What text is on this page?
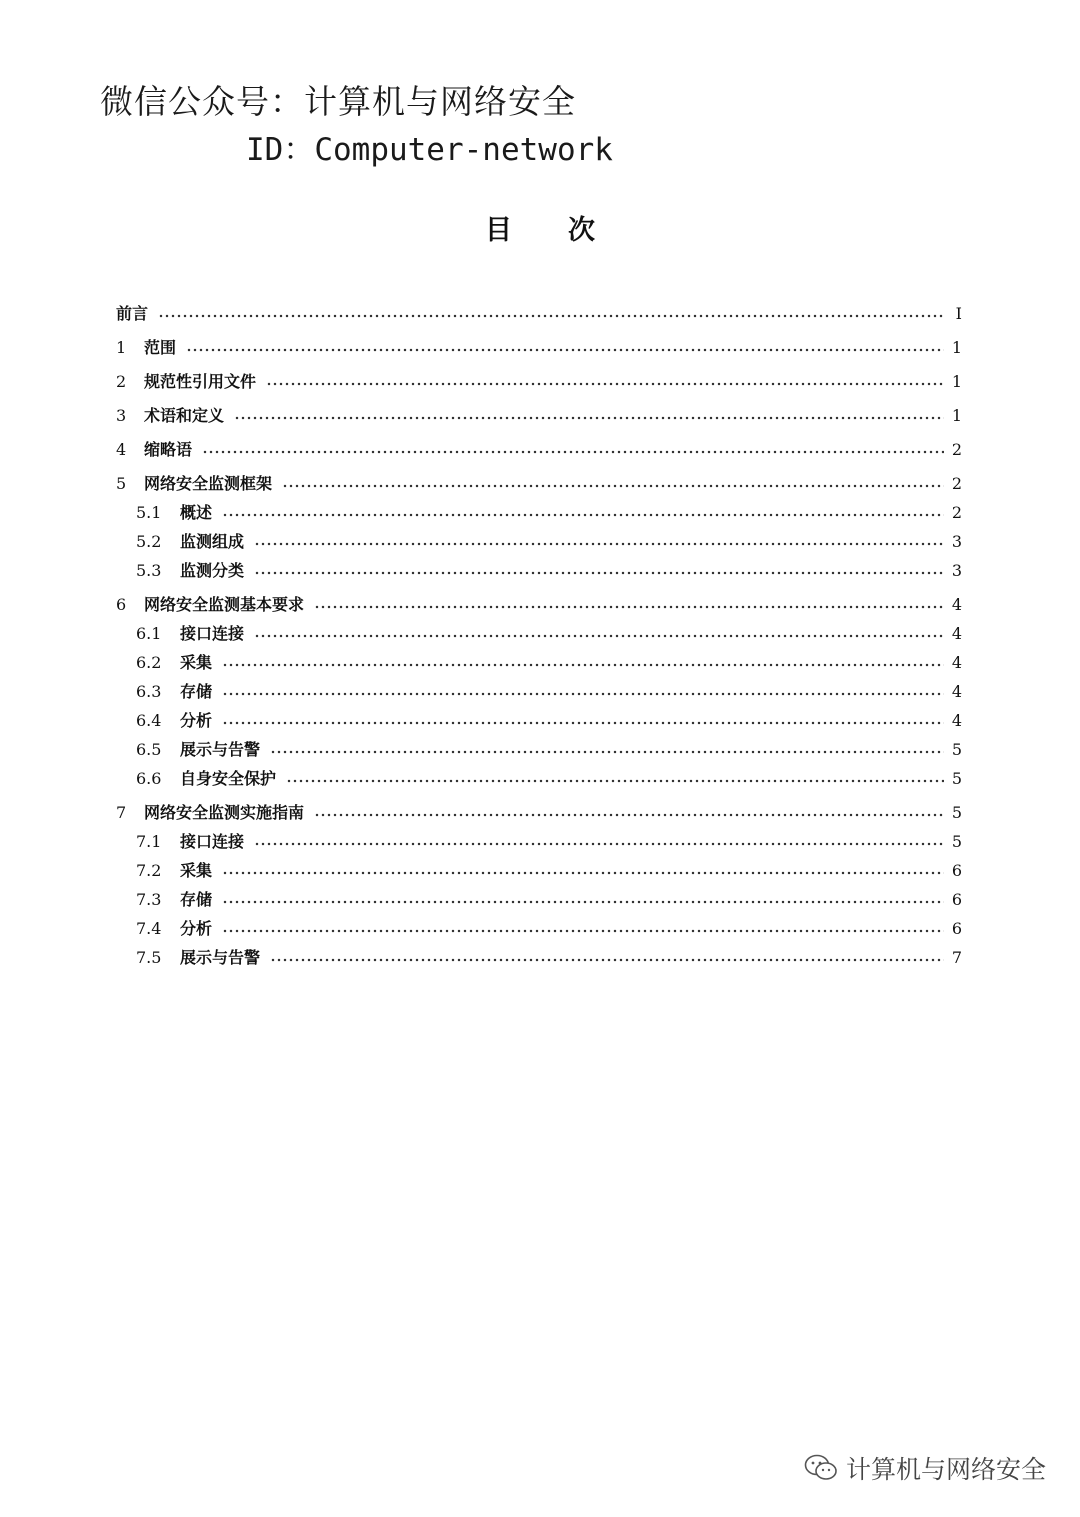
微信公众号：计算机与网络安全
ID：Computer-network
目次
前言	I
1	范围	1
2	规范性引用文件	1
3	术语和定义	1
4	缩略语	2
5	网络安全监测框架	2
5.1	概述	2
5.2	监测组成	3
5.3	监测分类	3
6	网络安全监测基本要求	4
6.1	接口连接	4
6.2	采集	4
6.3	存储	4
6.4	分析	4
6.5	展示与告警	5
6.6	自身安全保护	5
7	网络安全监测实施指南	5
7.1	接口连接	5
7.2	采集	6
7.3	存储	6
7.4	分析	6
7.5	展示与告警	7
计算机与网络安全
